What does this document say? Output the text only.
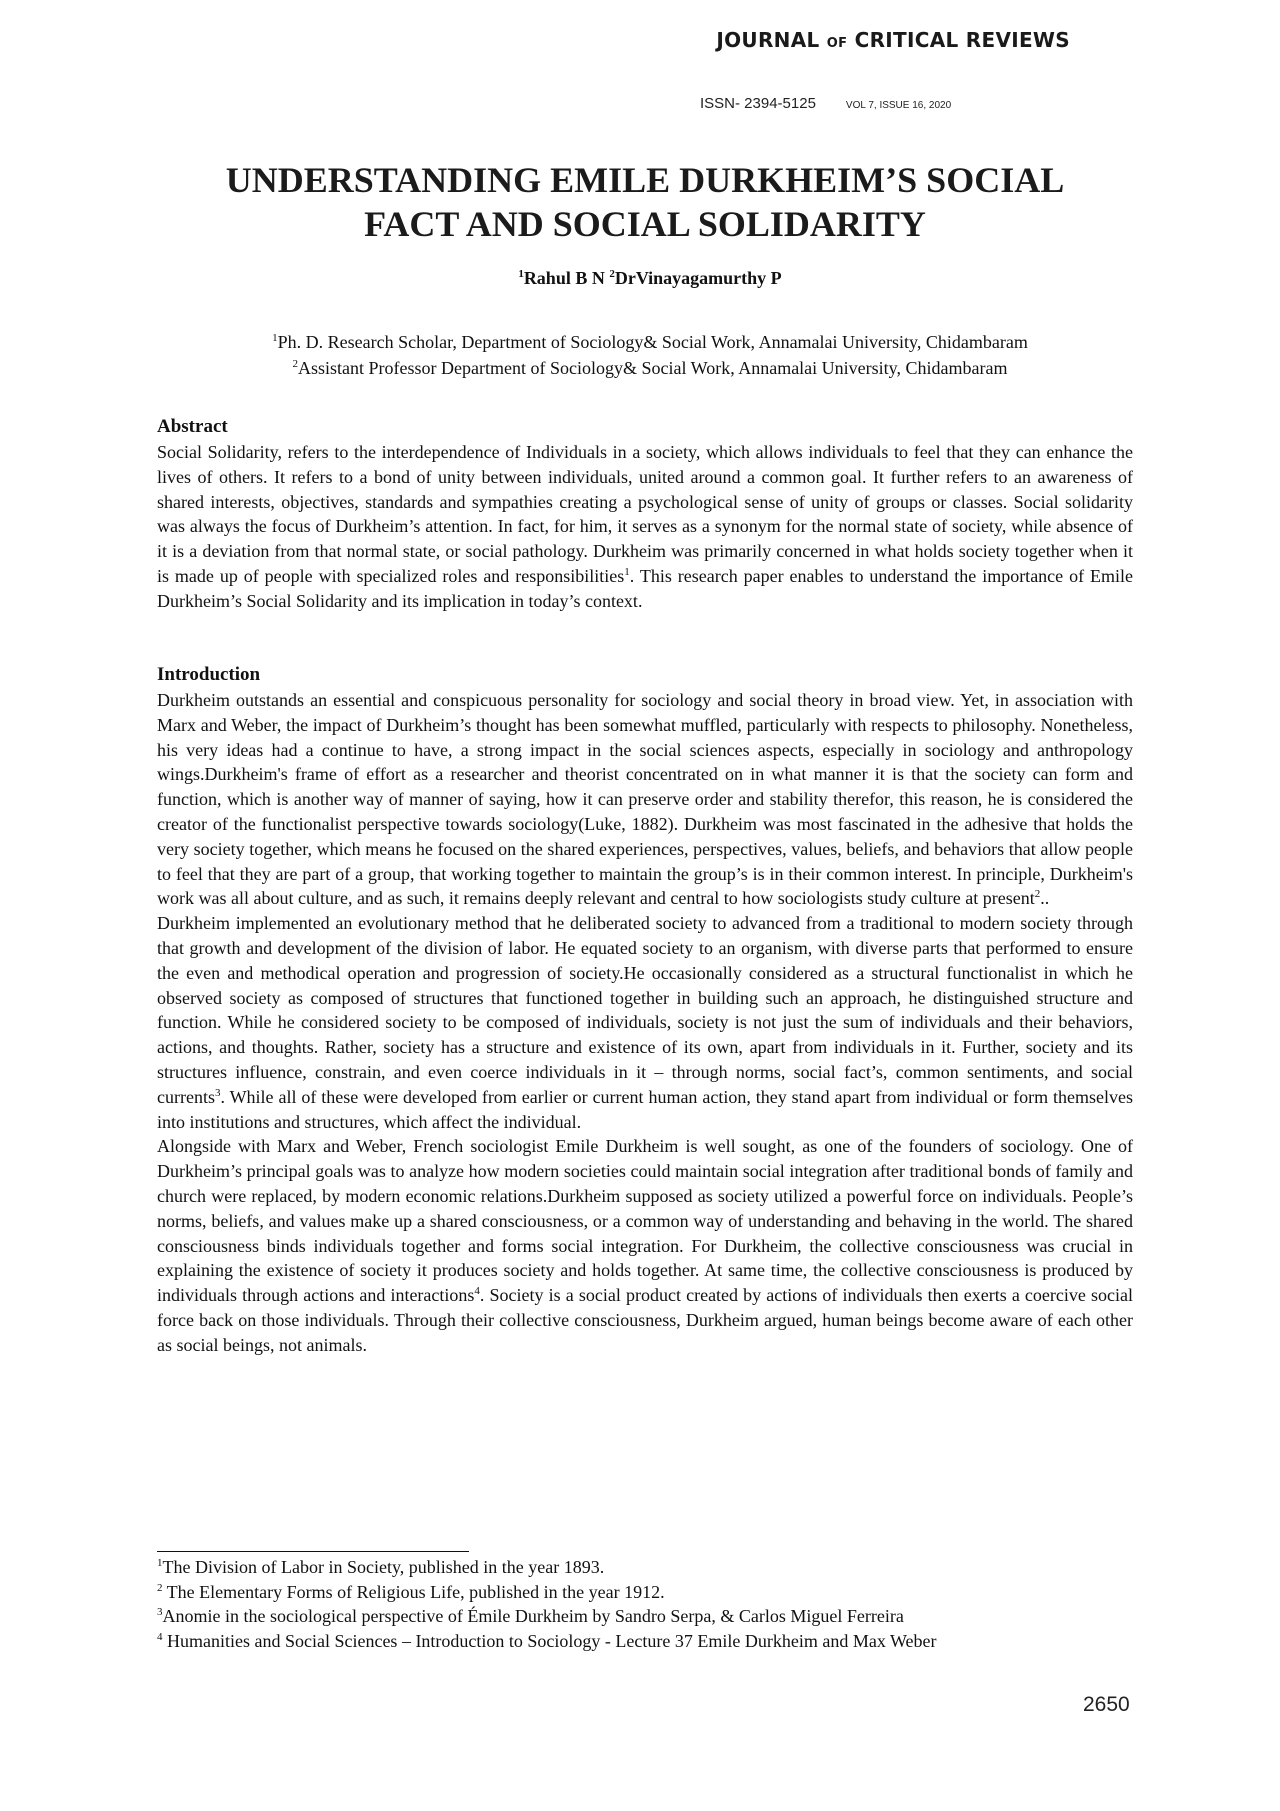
JOURNAL OF CRITICAL REVIEWS
ISSN- 2394-5125	VOL 7, ISSUE 16, 2020
UNDERSTANDING EMILE DURKHEIM’S SOCIAL
FACT AND SOCIAL SOLIDARITY
$^1$Rahul B N $^2$DrVinayagamurthy P
$^1$Ph. D. Research Scholar, Department of Sociology& Social Work, Annamalai University, Chidambaram
$^2$Assistant Professor Department of Sociology& Social Work, Annamalai University, Chidambaram
Abstract

Social Solidarity, refers to the interdependence of Individuals in a society, which allows individuals to feel that they can enhance the lives of others. It refers to a bond of unity between individuals, united around a common goal. It further refers to an awareness of shared interests, objectives, standards and sympathies creating a psychological sense of unity of groups or classes. Social solidarity was always the focus of Durkheim’s attention. In fact, for him, it serves as a synonym for the normal state of society, while absence of it is a deviation from that normal state, or social pathology. Durkheim was primarily concerned in what holds society together when it is made up of people with specialized roles and responsibilities$^1$. This research paper enables to understand the importance of Emile Durkheim’s Social Solidarity and its implication in today’s context.

Introduction

Durkheim outstands an essential and conspicuous personality for sociology and social theory in broad view. Yet, in association with Marx and Weber, the impact of Durkheim’s thought has been somewhat muffled, particularly with respects to philosophy. Nonetheless, his very ideas had a continue to have, a strong impact in the social sciences aspects, especially in sociology and anthropology wings.Durkheim's frame of effort as a researcher and theorist concentrated on in what manner it is that the society can form and function, which is another way of manner of saying, how it can preserve order and stability therefor, this reason, he is considered the creator of the functionalist perspective towards sociology(Luke, 1882). Durkheim was most fascinated in the adhesive that holds the very society together, which means he focused on the shared experiences, perspectives, values, beliefs, and behaviors that allow people to feel that they are part of a group, that working together to maintain the group’s is in their common interest. In principle, Durkheim's work was all about culture, and as such, it remains deeply relevant and central to how sociologists study culture at present$^2$..

Durkheim implemented an evolutionary method that he deliberated society to advanced from a traditional to modern society through that growth and development of the division of labor. He equated society to an organism, with diverse parts that performed to ensure the even and methodical operation and progression of society.He occasionally considered as a structural functionalist in which he observed society as composed of structures that functioned together in building such an approach, he distinguished structure and function. While he considered society to be composed of individuals, society is not just the sum of individuals and their behaviors, actions, and thoughts. Rather, society has a structure and existence of its own, apart from individuals in it. Further, society and its structures influence, constrain, and even coerce individuals in it – through norms, social fact’s, common sentiments, and social currents$^3$. While all of these were developed from earlier or current human action, they stand apart from individual or form themselves into institutions and structures, which affect the individual.

Alongside with Marx and Weber, French sociologist Emile Durkheim is well sought, as one of the founders of sociology. One of Durkheim’s principal goals was to analyze how modern societies could maintain social integration after traditional bonds of family and church were replaced, by modern economic relations.Durkheim supposed as society utilized a powerful force on individuals. People’s norms, beliefs, and values make up a shared consciousness, or a common way of understanding and behaving in the world. The shared consciousness binds individuals together and forms social integration. For Durkheim, the collective consciousness was crucial in explaining the existence of society it produces society and holds together. At same time, the collective consciousness is produced by individuals through actions and interactions$^4$. Society is a social product created by actions of individuals then exerts a coercive social force back on those individuals. Through their collective consciousness, Durkheim argued, human beings become aware of each other as social beings, not animals.

$^1$The Division of Labor in Society, published in the year 1893.
$^2$ The Elementary Forms of Religious Life, published in the year 1912.
$^3$Anomie in the sociological perspective of Émile Durkheim by Sandro Serpa, & Carlos Miguel Ferreira
$^4$ Humanities and Social Sciences – Introduction to Sociology - Lecture 37 Emile Durkheim and Max Weber
2650
